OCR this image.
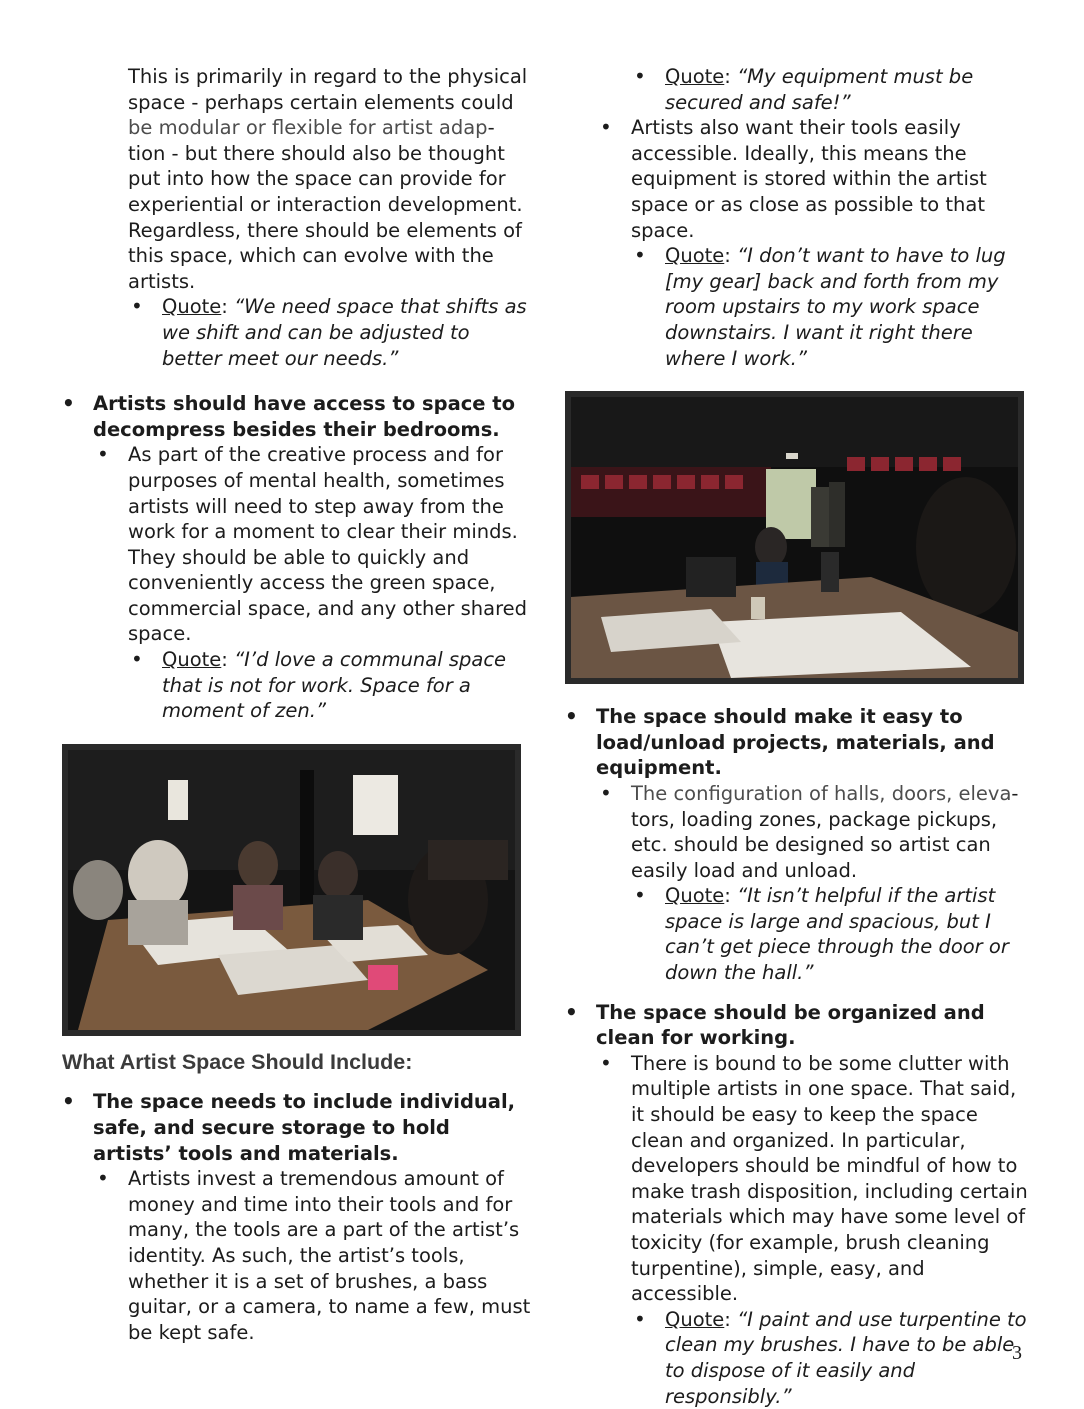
This is primarily in regard to the physical space - perhaps certain elements could be modular or flexible for artist adap-
tion - but there should also be thought put into how the space can provide for experiential or interaction development. Regardless, there should be elements of this space, which can evolve with the artists.

• Quote: “We need space that shifts as we shift and can be adjusted to better meet our needs.”

• Artists should have access to space to decompress besides their bedrooms.

• As part of the creative process and for purposes of mental health, sometimes artists will need to step away from the work for a moment to clear their minds. They should be able to quickly and conveniently access the green space, commercial space, and any other shared space.

• Quote: “I’d love a communal space that is not for work. Space for a moment of zen.”

What Artist Space Should Include:

• The space needs to include individual, safe, and secure storage to hold artists’ tools and materials.

• Artists invest a tremendous amount of money and time into their tools and for many, the tools are a part of the artist’s identity. As such, the artist’s tools, whether it is a set of brushes, a bass guitar, or a camera, to name a few, must be kept safe.

• Quote: “My equipment must be secured and safe!”

• Artists also want their tools easily accessible. Ideally, this means the equipment is stored within the artist space or as close as possible to that space.

• Quote: “I don’t want to have to lug [my gear] back and forth from my room upstairs to my work space downstairs. I want it right there where I work.”

• The space should make it easy to load/unload projects, materials, and equipment.

• The configuration of halls, doors, eleva-
tors, loading zones, package pickups, etc. should be designed so artist can easily load and unload.

• Quote: “It isn’t helpful if the artist space is large and spacious, but I can’t get piece through the door or down the hall.”

• The space should be organized and clean for working.

• There is bound to be some clutter with multiple artists in one space. That said, it should be easy to keep the space clean and organized. In particular, developers should be mindful of how to make trash disposition, including certain materials which may have some level of toxicity (for example, brush cleaning turpentine), simple, easy, and accessible.

• Quote: “I paint and use turpentine to clean my brushes. I have to be able to dispose of it easily and responsibly.”

3
